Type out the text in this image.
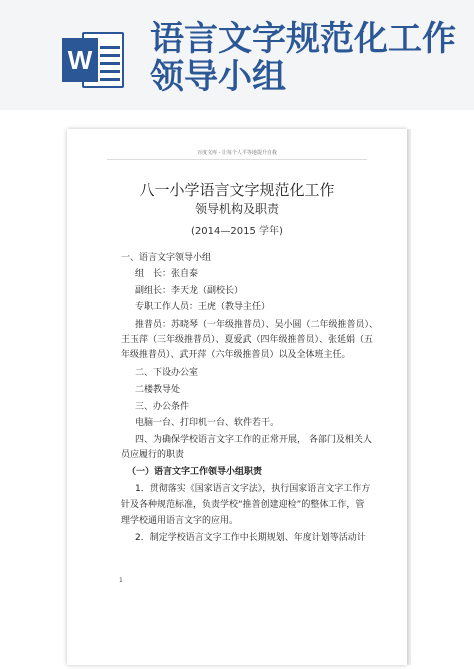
W
语言文字规范化工作领导小组
百度文库 - 让每个人平等地提升自我
八一小学语言文字规范化工作
领导机构及职责
(2014—2015 学年)
一、语言文字领导小组
组　长：张自泰
副组长：李天龙（副校长）
专职工作人员：王虎（教导主任）
推普员：苏晓琴（一年级推普员）、吴小圆（二年级推普员）、
王玉萍（三年级推普员）、夏爱武（四年级推普员）、张延娟（五
年级推普员）、武开萍（六年级推普员）以及全体班主任。
二、下设办公室
二楼教导处
三、办公条件
电脑一台、打印机一台、软件若干。
四、为确保学校语言文字工作的正常开展， 各部门及相关人
员应履行的职责
（一）语言文字工作领导小组职责
1．贯彻落实《国家语言文字法》，执行国家语言文字工作方
针及各种规范标准，负责学校“推普创建迎检”的整体工作，管
理学校通用语言文字的应用。
2．制定学校语言文字工作中长期规划、年度计划等活动计
1
